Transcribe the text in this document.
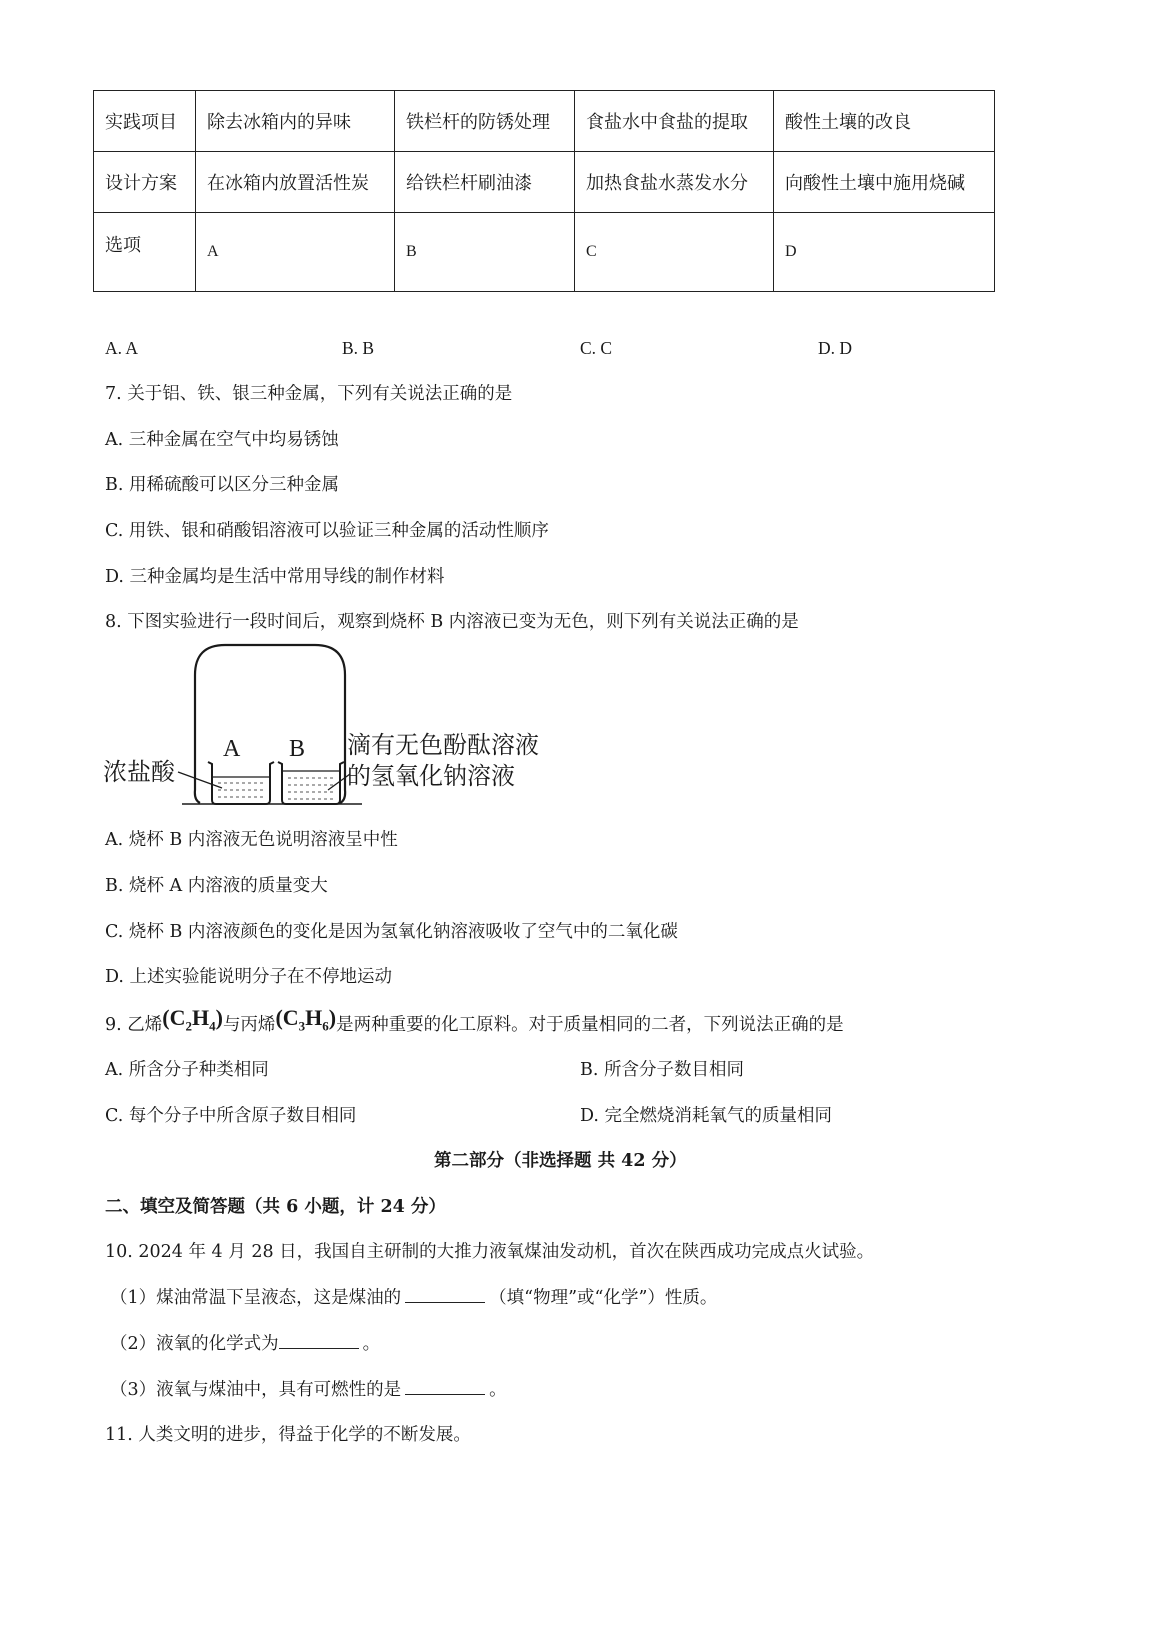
实践项目	除去冰箱内的异味	铁栏杆的防锈处理	食盐水中食盐的提取	酸性土壤的改良
设计方案	在冰箱内放置活性炭	给铁栏杆刷油漆	加热食盐水蒸发水分	向酸性土壤中施用烧碱
选项	A	B	C	D
A. A	B. B	C. C	D. D
7. 关于铝、铁、银三种金属，下列有关说法正确的是
A. 三种金属在空气中均易锈蚀
B. 用稀硫酸可以区分三种金属
C. 用铁、银和硝酸铝溶液可以验证三种金属的活动性顺序
D. 三种金属均是生活中常用导线的制作材料
8. 下图实验进行一段时间后，观察到烧杯 B 内溶液已变为无色，则下列有关说法正确的是
A B
浓盐酸
滴有无色酚酞溶液
的氢氧化钠溶液
A. 烧杯 B 内溶液无色说明溶液呈中性
B. 烧杯 A 内溶液的质量变大
C. 烧杯 B 内溶液颜色的变化是因为氢氧化钠溶液吸收了空气中的二氧化碳
D. 上述实验能说明分子在不停地运动
9. 乙烯$(C_2H_4)$与丙烯$(C_3H_6)$是两种重要的化工原料。对于质量相同的二者，下列说法正确的是
A. 所含分子种类相同	B. 所含分子数目相同
C. 每个分子中所含原子数目相同	D. 完全燃烧消耗氧气的质量相同
第二部分（非选择题 共 42 分）
二、填空及简答题（共 6 小题，计 24 分）
10. 2024 年 4 月 28 日，我国自主研制的大推力液氧煤油发动机，首次在陕西成功完成点火试验。
（1）煤油常温下呈液态，这是煤油的	（填“物理”或“化学”）性质。
（2）液氧的化学式为	。
（3）液氧与煤油中，具有可燃性的是	。
11. 人类文明的进步，得益于化学的不断发展。
